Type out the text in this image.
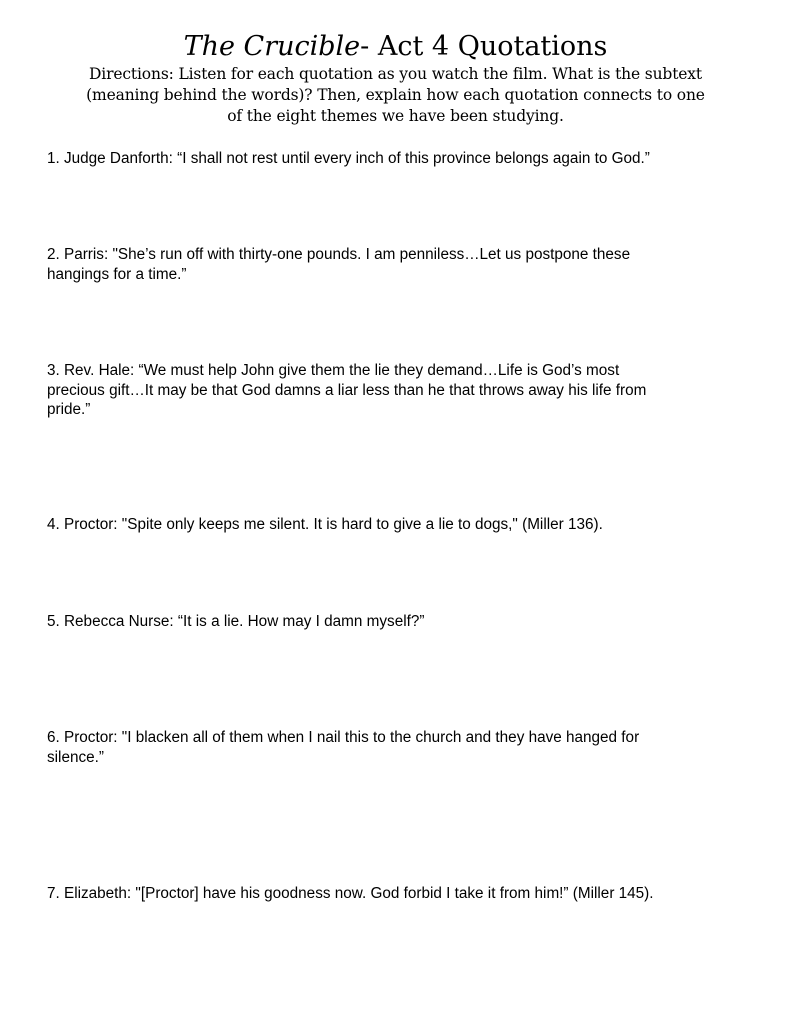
The Crucible- Act 4 Quotations
Directions: Listen for each quotation as you watch the film. What is the subtext
(meaning behind the words)? Then, explain how each quotation connects to one
of the eight themes we have been studying.
1. Judge Danforth: “I shall not rest until every inch of this province belongs again to God.”
2. Parris: "She’s run off with thirty-one pounds. I am penniless…Let us postpone these
hangings for a time.”
3. Rev. Hale: “We must help John give them the lie they demand…Life is God’s most
precious gift…It may be that God damns a liar less than he that throws away his life from
pride.”
4. Proctor: "Spite only keeps me silent. It is hard to give a lie to dogs," (Miller 136).
5. Rebecca Nurse: “It is a lie. How may I damn myself?”
6. Proctor: "I blacken all of them when I nail this to the church and they have hanged for
silence.”
7. Elizabeth: "[Proctor] have his goodness now. God forbid I take it from him!” (Miller 145).
